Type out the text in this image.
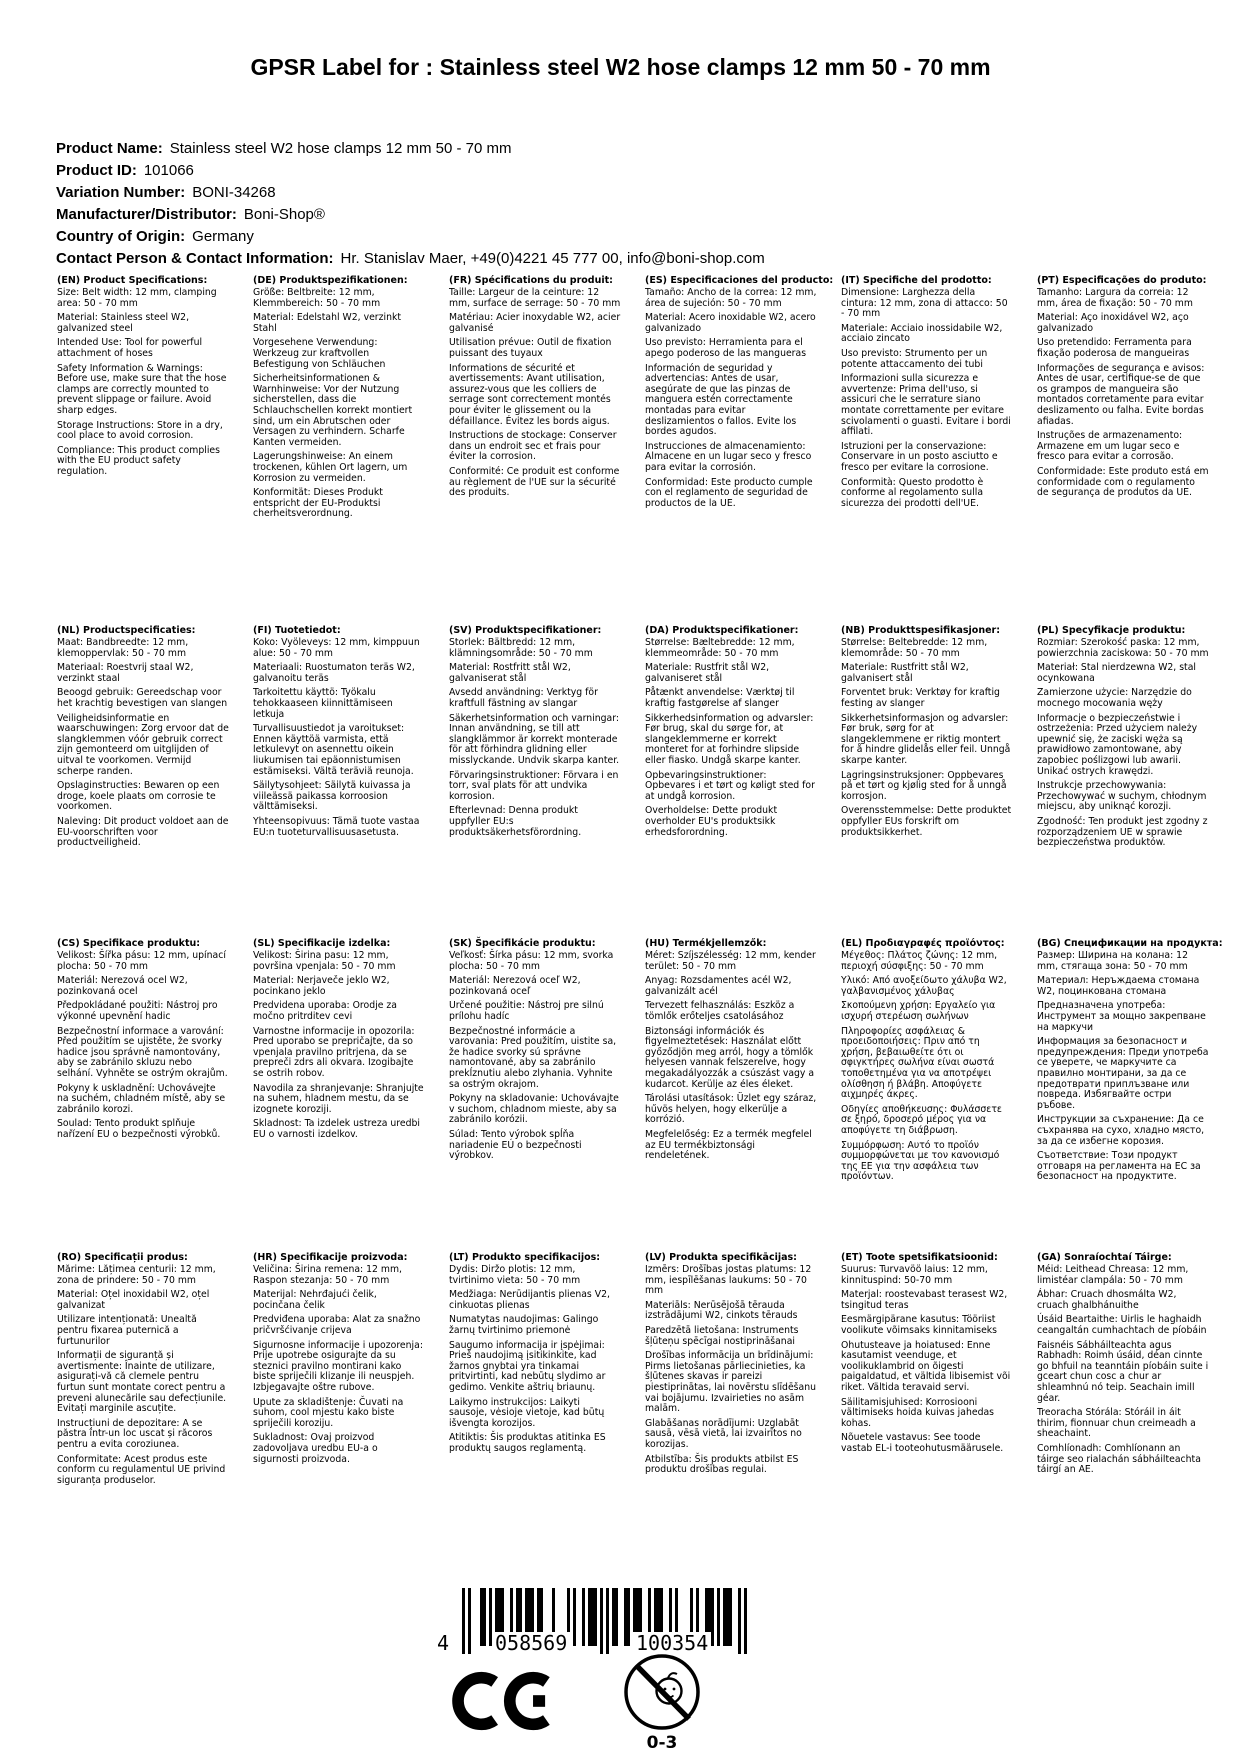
GPSR Label for : Stainless steel W2 hose clamps 12 mm 50 - 70 mm
Product Name: Stainless steel W2 hose clamps 12 mm 50 - 70 mm
Product ID: 101066
Variation Number: BONI-34268
Manufacturer/Distributor: Boni-Shop®
Country of Origin: Germany
Contact Person & Contact Information: Hr. Stanislav Maer, +49(0)4221 45 777 00, info@boni-shop.com
(EN) Product Specifications:

Size: Belt width: 12 mm, clamping area: 50 - 70 mm

Material: Stainless steel W2, galvanized steel

Intended Use: Tool for powerful attachment of hoses

Safety Information & Warnings: Before use, make sure that the hose clamps are correctly mounted to prevent slippage or failure. Avoid sharp edges.

Storage Instructions: Store in a dry, cool place to avoid corrosion.

Compliance: This product complies with the EU product safety regulation.

(DE) Produktspezifikationen:

Größe: Beltbreite: 12 mm, Klemmbereich: 50 - 70 mm

Material: Edelstahl W2, verzinkt Stahl

Vorgesehene Verwendung: Werkzeug zur kraftvollen Befestigung von Schläuchen

Sicherheitsinformationen & Warnhinweise: Vor der Nutzung sicherstellen, dass die Schlauchschellen korrekt montiert sind, um ein Abrutschen oder Versagen zu verhindern. Scharfe Kanten vermeiden.

Lagerungshinweise: An einem trockenen, kühlen Ort lagern, um Korrosion zu vermeiden.

Konformität: Dieses Produkt entspricht der EU-Produktsi cherheitsverordnung.

(FR) Spécifications du produit:

Taille: Largeur de la ceinture: 12 mm, surface de serrage: 50 - 70 mm

Matériau: Acier inoxydable W2, acier galvanisé

Utilisation prévue: Outil de fixation puissant des tuyaux

Informations de sécurité et avertissements: Avant utilisation, assurez-vous que les colliers de serrage sont correctement montés pour éviter le glissement ou la défaillance. Évitez les bords aigus.

Instructions de stockage: Conserver dans un endroit sec et frais pour éviter la corrosion.

Conformité: Ce produit est conforme au règlement de l'UE sur la sécurité des produits.

(ES) Especificaciones del producto:

Tamaño: Ancho de la correa: 12 mm, área de sujeción: 50 - 70 mm

Material: Acero inoxidable W2, acero galvanizado

Uso previsto: Herramienta para el apego poderoso de las mangueras

Información de seguridad y advertencias: Antes de usar, asegúrate de que las pinzas de manguera estén correctamente montadas para evitar deslizamientos o fallos. Evite los bordes agudos.

Instrucciones de almacenamiento: Almacene en un lugar seco y fresco para evitar la corrosión.

Conformidad: Este producto cumple con el reglamento de seguridad de productos de la UE.

(IT) Specifiche del prodotto:

Dimensione: Larghezza della cintura: 12 mm, zona di attacco: 50 - 70 mm

Materiale: Acciaio inossidabile W2, acciaio zincato

Uso previsto: Strumento per un potente attaccamento dei tubi

Informazioni sulla sicurezza e avvertenze: Prima dell'uso, si assicuri che le serrature siano montate correttamente per evitare scivolamenti o guasti. Evitare i bordi affilati.

Istruzioni per la conservazione: Conservare in un posto asciutto e fresco per evitare la corrosione.

Conformità: Questo prodotto è conforme al regolamento sulla sicurezza dei prodotti dell'UE.

(PT) Especificações do produto:

Tamanho: Largura da correia: 12 mm, área de fixação: 50 - 70 mm

Material: Aço inoxidável W2, aço galvanizado

Uso pretendido: Ferramenta para fixação poderosa de mangueiras

Informações de segurança e avisos: Antes de usar, certifique-se de que os grampos de mangueira são montados corretamente para evitar deslizamento ou falha. Evite bordas afiadas.

Instruções de armazenamento: Armazene em um lugar seco e fresco para evitar a corrosão.

Conformidade: Este produto está em conformidade com o regulamento de segurança de produtos da UE.

(NL) Productspecificaties:

Maat: Bandbreedte: 12 mm, klemoppervlak: 50 - 70 mm

Materiaal: Roestvrij staal W2, verzinkt staal

Beoogd gebruik: Gereedschap voor het krachtig bevestigen van slangen

Veiligheidsinformatie en waarschuwingen: Zorg ervoor dat de slangklemmen vóór gebruik correct zijn gemonteerd om uitglijden of uitval te voorkomen. Vermijd scherpe randen.

Opslaginstructies: Bewaren op een droge, koele plaats om corrosie te voorkomen.

Naleving: Dit product voldoet aan de EU-voorschriften voor productveiligheid.

(FI) Tuotetiedot:

Koko: Vyöleveys: 12 mm, kimppuun alue: 50 - 70 mm

Materiaali: Ruostumaton teräs W2, galvanoitu teräs

Tarkoitettu käyttö: Työkalu tehokkaaseen kiinnittämiseen letkuja

Turvallisuustiedot ja varoitukset: Ennen käyttöä varmista, että letkulevyt on asennettu oikein liukumisen tai epäonnistumisen estämiseksi. Vältä teräviä reunoja.

Säilytysohjeet: Säilytä kuivassa ja viileässä paikassa korroosion välttämiseksi.

Yhteensopivuus: Tämä tuote vastaa EU:n tuoteturvallisuusasetusta.

(SV) Produktspecifikationer:

Storlek: Bältbredd: 12 mm, klämningsområde: 50 - 70 mm

Material: Rostfritt stål W2, galvaniserat stål

Avsedd användning: Verktyg för kraftfull fästning av slangar

Säkerhetsinformation och varningar: Innan användning, se till att slangklämmor är korrekt monterade för att förhindra glidning eller misslyckande. Undvik skarpa kanter.

Förvaringsinstruktioner: Förvara i en torr, sval plats för att undvika korrosion.

Efterlevnad: Denna produkt uppfyller EU:s produktsäkerhetsförordning.

(DA) Produktspecifikationer:

Størrelse: Bæltebredde: 12 mm, klemmeområde: 50 - 70 mm

Materiale: Rustfrit stål W2, galvaniseret stål

Påtænkt anvendelse: Værktøj til kraftig fastgørelse af slanger

Sikkerhedsinformation og advarsler: Før brug, skal du sørge for, at slangeklemmerne er korrekt monteret for at forhindre slipside eller fiasko. Undgå skarpe kanter.

Opbevaringsinstruktioner: Opbevares i et tørt og køligt sted for at undgå korrosion.

Overholdelse: Dette produkt overholder EU's produktsikk erhedsforordning.

(NB) Produkttspesifikasjoner:

Størrelse: Beltebredde: 12 mm, klemområde: 50 - 70 mm

Materiale: Rustfritt stål W2, galvanisert stål

Forventet bruk: Verktøy for kraftig festing av slanger

Sikkerhetsinformasjon og advarsler: Før bruk, sørg for at slangeklemmene er riktig montert for å hindre glidelås eller feil. Unngå skarpe kanter.

Lagringsinstruksjoner: Oppbevares på et tørt og kjølig sted for å unngå korrosjon.

Overensstemmelse: Dette produktet oppfyller EUs forskrift om produktsikkerhet.

(PL) Specyfikacje produktu:

Rozmiar: Szerokość paska: 12 mm, powierzchnia zaciskowa: 50 - 70 mm

Materiał: Stal nierdzewna W2, stal ocynkowana

Zamierzone użycie: Narzędzie do mocnego mocowania węży

Informacje o bezpieczeństwie i ostrzeżenia: Przed użyciem należy upewnić się, że zaciski węża są prawidłowo zamontowane, aby zapobiec poślizgowi lub awarii. Unikać ostrych krawędzi.

Instrukcje przechowywania: Przechowywać w suchym, chłodnym miejscu, aby uniknąć korozji.

Zgodność: Ten produkt jest zgodny z rozporządzeniem UE w sprawie bezpieczeństwa produktów.

(CS) Specifikace produktu:

Velikost: Šířka pásu: 12 mm, upínací plocha: 50 - 70 mm

Materiál: Nerezová ocel W2, pozinkovaná ocel

Předpokládané použiti: Nástroj pro výkonné upevnění hadic

Bezpečnostní informace a varování: Před použitím se ujistěte, že svorky hadice jsou správně namontovány, aby se zabránilo skluzu nebo selhání. Vyhněte se ostrým okrajům.

Pokyny k uskladnění: Uchovávejte na suchém, chladném místě, aby se zabránilo korozi.

Soulad: Tento produkt splňuje nařízení EU o bezpečnosti výrobků.

(SL) Specifikacije izdelka:

Velikost: Širina pasu: 12 mm, površina vpenjala: 50 - 70 mm

Material: Nerjaveče jeklo W2, pocinkano jeklo

Predvidena uporaba: Orodje za močno pritrditev cevi

Varnostne informacije in opozorila: Pred uporabo se prepričajte, da so vpenjala pravilno pritrjena, da se prepreči zdrs ali okvara. Izogibajte se ostrih robov.

Navodila za shranjevanje: Shranjujte na suhem, hladnem mestu, da se izognete koroziji.

Skladnost: Ta izdelek ustreza uredbi EU o varnosti izdelkov.

(SK) Špecifikácie produktu:

Veľkosť: Šírka pásu: 12 mm, svorka plocha: 50 - 70 mm

Materiál: Nerezová oceľ W2, pozinkovaná oceľ

Určené použitie: Nástroj pre silnú prílohu hadíc

Bezpečnostné informácie a varovania: Pred použitím, uistite sa, že hadice svorky sú správne namontované, aby sa zabránilo prekĺznutiu alebo zlyhania. Vyhnite sa ostrým okrajom.

Pokyny na skladovanie: Uchovávajte v suchom, chladnom mieste, aby sa zabránilo korózii.

Súlad: Tento výrobok spĺňa nariadenie EÚ o bezpečnosti výrobkov.

(HU) Termékjellemzők:

Méret: Szíjszélesség: 12 mm, kender terület: 50 - 70 mm

Anyag: Rozsdamentes acél W2, galvanizált acél

Tervezett felhasználás: Eszköz a tömlők erőteljes csatolásához

Biztonsági információk és figyelmeztetések: Használat előtt győződjön meg arról, hogy a tömlők helyesen vannak felszerelve, hogy megakadályozzák a csúszást vagy a kudarcot. Kerülje az éles éleket.

Tárolási utasítások: Üzlet egy száraz, hűvös helyen, hogy elkerülje a korrózió.

Megfelelőség: Ez a termék megfelel az EU termékbiztonsági rendeletének.

(EL) Προδιαγραφές προϊόντος:

Μέγεθος: Πλάτος ζώνης: 12 mm, περιοχή σύσφιξης: 50 - 70 mm

Υλικό: Από ανοξείδωτο χάλυβα W2, γαλβανισμένος χάλυβας

Σκοπούμενη χρήση: Εργαλείο για ισχυρή στερέωση σωλήνων

Πληροφορίες ασφάλειας & προειδοποιήσεις: Πριν από τη χρήση, βεβαιωθείτε ότι οι σφιγκτήρες σωλήνα είναι σωστά τοποθετημένα για να αποτρέψει ολίσθηση ή βλάβη. Αποφύγετε αιχμηρές άκρες.

Οδηγίες αποθήκευσης: Φυλάσσετε σε ξηρό, δροσερό μέρος για να αποφύγετε τη διάβρωση.

Συμμόρφωση: Αυτό το προϊόν συμμορφώνεται με τον κανονισμό της ΕΕ για την ασφάλεια των προϊόντων.

(BG) Спецификации на продукта:

Размер: Ширина на колана: 12 mm, стягаща зона: 50 - 70 mm

Материал: Неръждаема стомана W2, поцинкована стомана

Предназначена употреба: Инструмент за мощно закрепване на маркучи

Информация за безопасност и предупреждения: Преди употреба се уверете, че маркучите са правилно монтирани, за да се предотврати приплъзване или повреда. Избягвайте остри ръбове.

Инструкции за съхранение: Да се съхранява на сухо, хладно място, за да се избегне корозия.

Съответствие: Този продукт отговаря на регламента на ЕС за безопасност на продуктите.

(RO) Specificații produs:

Mărime: Lățimea centurii: 12 mm, zona de prindere: 50 - 70 mm

Material: Oțel inoxidabil W2, oțel galvanizat

Utilizare intenționată: Unealtă pentru fixarea puternică a furtunurilor

Informații de siguranță și avertismente: Înainte de utilizare, asigurați-vă că clemele pentru furtun sunt montate corect pentru a preveni alunecările sau defecțiunile. Evitați marginile ascuțite.

Instrucțiuni de depozitare: A se păstra într-un loc uscat și răcoros pentru a evita coroziunea.

Conformitate: Acest produs este conform cu regulamentul UE privind siguranța produselor.

(HR) Specifikacije proizvoda:

Veličina: Širina remena: 12 mm, Raspon stezanja: 50 - 70 mm

Materijal: Nehrđajući čelik, pocinčana čelik

Predviđena uporaba: Alat za snažno pričvršćivanje crijeva

Sigurnosne informacije i upozorenja: Prije upotrebe osigurajte da su steznici pravilno montirani kako biste spriječili klizanje ili neuspjeh. Izbjegavajte oštre rubove.

Upute za skladištenje: Čuvati na suhom, cool mjestu kako biste spriječili koroziju.

Sukladnost: Ovaj proizvod zadovoljava uredbu EU-a o sigurnosti proizvoda.

(LT) Produkto specifikacijos:

Dydis: Diržo plotis: 12 mm, tvirtinimo vieta: 50 - 70 mm

Medžiaga: Nerūdijantis plienas V2, cinkuotas plienas

Numatytas naudojimas: Galingo žarnų tvirtinimo priemonė

Saugumo informacija ir įspėjimai: Prieš naudojimą įsitikinkite, kad žarnos gnybtai yra tinkamai pritvirtinti, kad nebūtų slydimo ar gedimo. Venkite aštrių briaunų.

Laikymo instrukcijos: Laikyti sausoje, vėsioje vietoje, kad būtų išvengta korozijos.

Atitiktis: Šis produktas atitinka ES produktų saugos reglamentą.

(LV) Produkta specifikācijas:

Izmērs: Drošības jostas platums: 12 mm, iespīlēšanas laukums: 50 - 70 mm

Materiāls: Nerūsējošā tērauda izstrādājumi W2, cinkots tērauds

Paredzētā lietošana: Instruments šļūteņu spēcīgai nostiprināšanai

Drošības informācija un brīdinājumi: Pirms lietošanas pārliecinieties, ka šļūtenes skavas ir pareizi piestiprinātas, lai novērstu slīdēšanu vai bojājumu. Izvairieties no asām malām.

Glabāšanas norādījumi: Uzglabāt sausā, vēsā vietā, lai izvairītos no korozijas.

Atbilstība: Šis produkts atbilst ES produktu drošības regulai.

(ET) Toote spetsifikatsioonid:

Suurus: Turvavöö laius: 12 mm, kinnituspind: 50-70 mm

Materjal: roostevabast terasest W2, tsingitud teras

Eesmärgipärane kasutus: Tööriist voolikute võimsaks kinnitamiseks

Ohutusteave ja hoiatused: Enne kasutamist veenduge, et voolikuklambrid on õigesti paigaldatud, et vältida libisemist või riket. Vältida teravaid servi.

Säilitamisjuhised: Korrosiooni vältimiseks hoida kuivas jahedas kohas.

Nõuetele vastavus: See toode vastab EL-i tooteohutusmäärusele.

(GA) Sonraíochtaí Táirge:

Méid: Leithead Chreasa: 12 mm, limistéar clampála: 50 - 70 mm

Ábhar: Cruach dhosmálta W2, cruach ghalbhánuithe

Úsáid Beartaithe: Uirlis le haghaidh ceangaltán cumhachtach de píobáin

Faisnéis Sábháilteachta agus Rabhadh: Roimh úsáid, déan cinnte go bhfuil na teanntáin píobáin suite i gceart chun cosc a chur ar shleamhnú nó teip. Seachain imill géar.

Treoracha Stórála: Stóráil in áit thirim, fionnuar chun creimeadh a sheachaint.

Comhlíonadh: Comhlíonann an táirge seo rialachán sábháilteachta táirgí an AE.

4 058569	100354
0-3
